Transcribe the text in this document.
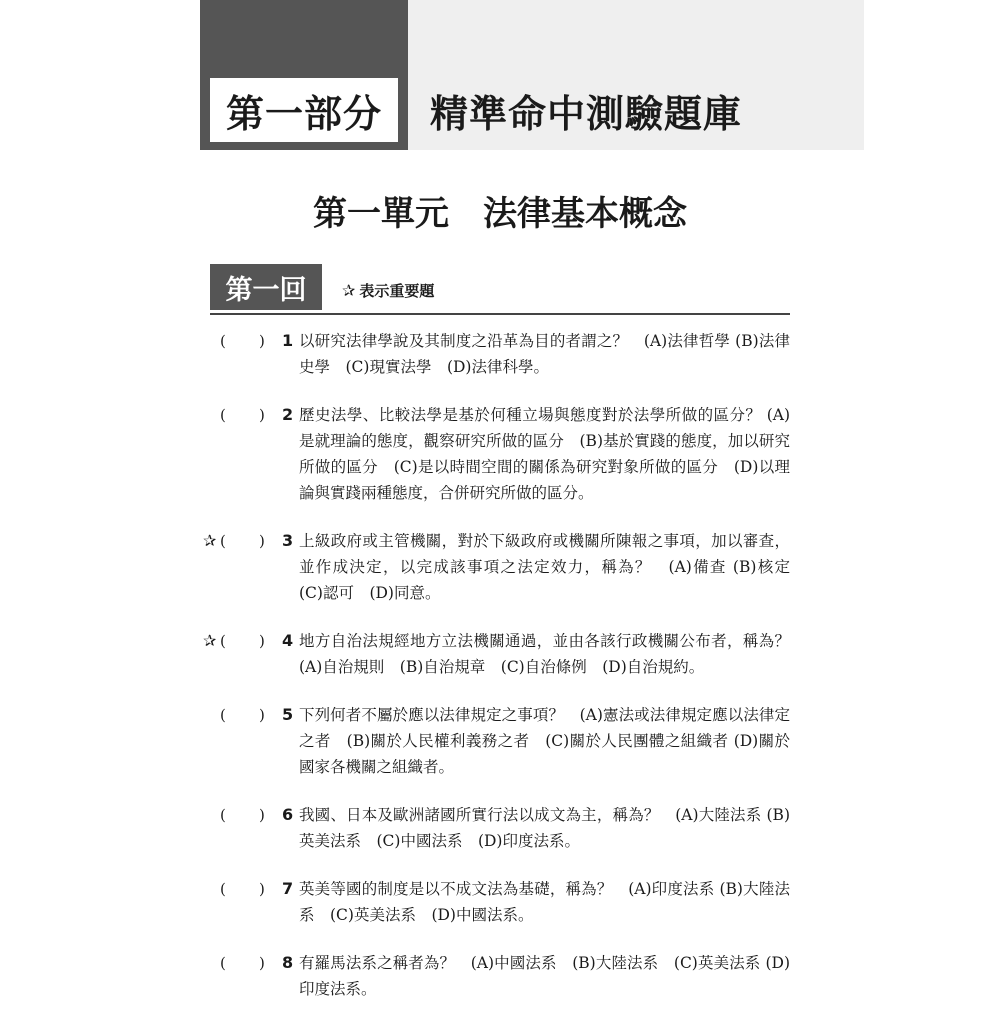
第一部分	精準命中測驗題庫
第一單元　法律基本概念
第一回	✰ 表示重要題
( ) 1 以研究法律學說及其制度之沿革為目的者謂之？　(A)法律哲學 (B)法律史學　(C)現實法學　(D)法律科學。
( ) 2 歷史法學、比較法學是基於何種立場與態度對於法學所做的區分？ (A)是就理論的態度，觀察研究所做的區分　(B)基於實踐的態度，加以研究所做的區分　(C)是以時間空間的關係為研究對象所做的區分　(D)以理論與實踐兩種態度，合併研究所做的區分。
✰ ( ) 3 上級政府或主管機關，對於下級政府或機關所陳報之事項，加以審查，並作成決定，以完成該事項之法定效力，稱為？　(A)備查 (B)核定　(C)認可　(D)同意。
✰ ( ) 4 地方自治法規經地方立法機關通過，並由各該行政機關公布者，稱為？　(A)自治規則　(B)自治規章　(C)自治條例　(D)自治規約。
( ) 5 下列何者不屬於應以法律規定之事項？　(A)憲法或法律規定應以法律定之者　(B)關於人民權利義務之者　(C)關於人民團體之組織者 (D)關於國家各機關之組織者。
( ) 6 我國、日本及歐洲諸國所實行法以成文為主，稱為？　(A)大陸法系 (B)英美法系　(C)中國法系　(D)印度法系。
( ) 7 英美等國的制度是以不成文法為基礎，稱為？　(A)印度法系 (B)大陸法系　(C)英美法系　(D)中國法系。
( ) 8 有羅馬法系之稱者為？　(A)中國法系　(B)大陸法系　(C)英美法系 (D)印度法系。
